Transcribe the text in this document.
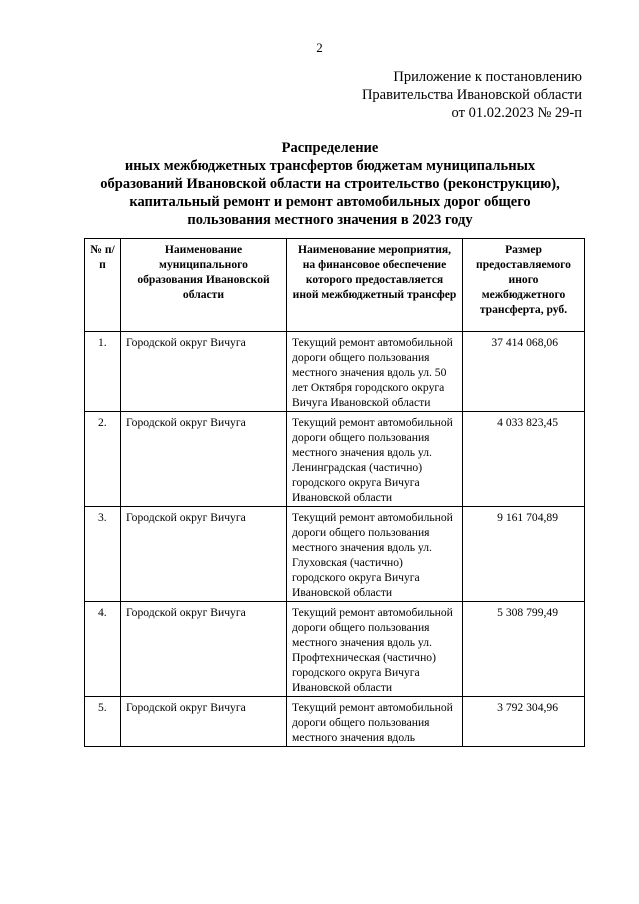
2
Приложение к постановлению
Правительства Ивановской области
от 01.02.2023 № 29-п
Распределение
иных межбюджетных трансфертов бюджетам муниципальных
образований Ивановской области на строительство (реконструкцию),
капитальный ремонт и ремонт автомобильных дорог общего
пользования местного значения в 2023 году
№ п/п	Наименование муниципального образования Ивановской области	Наименование мероприятия, на финансовое обеспечение которого предоставляется иной межбюджетный трансфер	Размер предоставляемого иного межбюджетного трансферта, руб.
1.	Городской округ Вичуга	Текущий ремонт автомобильной дороги общего пользования местного значения вдоль ул. 50 лет Октября городского округа Вичуга Ивановской области	37 414 068,06
2.	Городской округ Вичуга	Текущий ремонт автомобильной дороги общего пользования местного значения вдоль ул. Ленинградская (частично) городского округа Вичуга Ивановской области	4 033 823,45
3.	Городской округ Вичуга	Текущий ремонт автомобильной дороги общего пользования местного значения вдоль ул. Глуховская (частично) городского округа Вичуга Ивановской области	9 161 704,89
4.	Городской округ Вичуга	Текущий ремонт автомобильной дороги общего пользования местного значения вдоль ул. Профтехническая (частично) городского округа Вичуга Ивановской области	5 308 799,49
5.	Городской округ Вичуга	Текущий ремонт автомобильной дороги общего пользования местного значения вдоль	3 792 304,96
